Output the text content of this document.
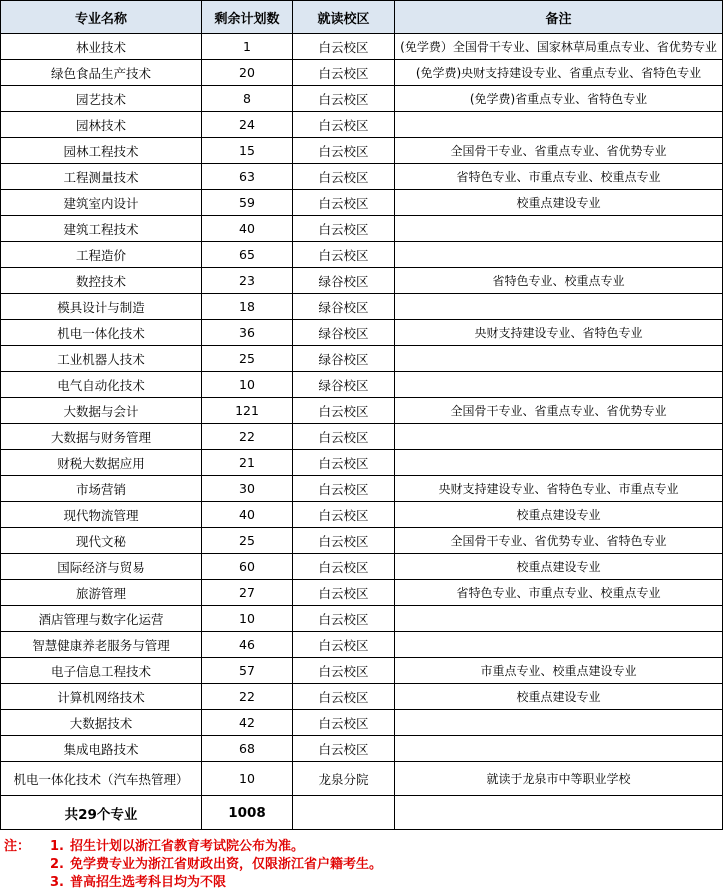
专业名称	剩余计划数	就读校区	备注
林业技术	1	白云校区	(免学费）全国骨干专业、国家林草局重点专业、省优势专业
绿色食品生产技术	20	白云校区	(免学费)央财支持建设专业、省重点专业、省特色专业
园艺技术	8	白云校区	(免学费)省重点专业、省特色专业
园林技术	24	白云校区	
园林工程技术	15	白云校区	全国骨干专业、省重点专业、省优势专业
工程测量技术	63	白云校区	省特色专业、市重点专业、校重点专业
建筑室内设计	59	白云校区	校重点建设专业
建筑工程技术	40	白云校区	
工程造价	65	白云校区	
数控技术	23	绿谷校区	省特色专业、校重点专业
模具设计与制造	18	绿谷校区	
机电一体化技术	36	绿谷校区	央财支持建设专业、省特色专业
工业机器人技术	25	绿谷校区	
电气自动化技术	10	绿谷校区	
大数据与会计	121	白云校区	全国骨干专业、省重点专业、省优势专业
大数据与财务管理	22	白云校区	
财税大数据应用	21	白云校区	
市场营销	30	白云校区	央财支持建设专业、省特色专业、市重点专业
现代物流管理	40	白云校区	校重点建设专业
现代文秘	25	白云校区	全国骨干专业、省优势专业、省特色专业
国际经济与贸易	60	白云校区	校重点建设专业
旅游管理	27	白云校区	省特色专业、市重点专业、校重点专业
酒店管理与数字化运营	10	白云校区	
智慧健康养老服务与管理	46	白云校区	
电子信息工程技术	57	白云校区	市重点专业、校重点建设专业
计算机网络技术	22	白云校区	校重点建设专业
大数据技术	42	白云校区	
集成电路技术	68	白云校区	
机电一体化技术（汽车热管理）	10	龙泉分院	就读于龙泉市中等职业学校
共29个专业	1008		
注： 1. 招生计划以浙江省教育考试院公布为准。
2. 免学费专业为浙江省财政出资，仅限浙江省户籍考生。
3. 普高招生选考科目均为不限
